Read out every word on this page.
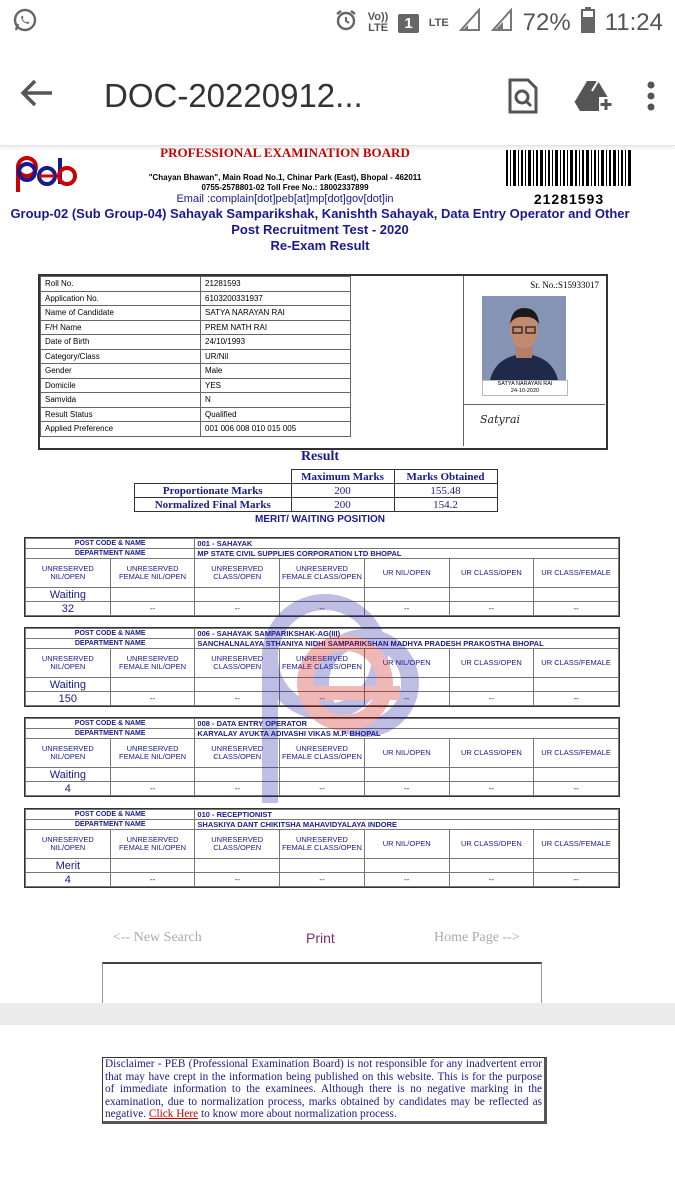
Vo))
LTE	1	LTE	72% 11:24
DOC-20220912...
PROFESSIONAL EXAMINATION BOARD
"Chayan Bhawan", Main Road No.1, Chinar Park (East), Bhopal - 462011
0755-2578801-02 Toll Free No.: 18002337899
Email :complain[dot]peb[at]mp[dot]gov[dot]in	21281593
Group-02 (Sub Group-04) Sahayak Samparikshak, Kanishth Sahayak, Data Entry Operator and Other
Post Recruitment Test - 2020
Re-Exam Result
Roll No.	21281593
Application No.	6103200331937
Name of Candidate	SATYA NARAYAN RAI
F/H Name	PREM NATH RAI
Date of Birth	24/10/1993
Category/Class	UR/Nil
Gender	Male
Domicile	YES
Samvida	N
Result Status	Qualified
Applied Preference	001 006 008 010 015 005
Sr. No.:S15933017
SATYA NARAYAN RAI
24-10-2020
Satyrai
Result
	Maximum Marks	Marks Obtained
Proportionate Marks	200	155.48
Normalized Final Marks	200	154.2
MERIT/ WAITING POSITION
POST CODE & NAME		001 - SAHAYAK				
DEPARTMENT NAME		MP STATE CIVIL SUPPLIES CORPORATION LTD BHOPAL				
UNRESERVED NIL/OPEN	UNRESERVED FEMALE NIL/OPEN	UNRESERVED CLASS/OPEN	UNRESERVED FEMALE CLASS/OPEN	UR NIL/OPEN	UR CLASS/OPEN	UR CLASS/FEMALE
Waiting						
32	--	--	--	--	--	--
POST CODE & NAME		006 - SAHAYAK SAMPARIKSHAK-AG(III)				
DEPARTMENT NAME		SANCHALNALAYA STHANIYA NIDHI SAMPARIKSHAN MADHYA PRADESH PRAKOSTHA BHOPAL				
UNRESERVED NIL/OPEN	UNRESERVED FEMALE NIL/OPEN	UNRESERVED CLASS/OPEN	UNRESERVED FEMALE CLASS/OPEN	UR NIL/OPEN	UR CLASS/OPEN	UR CLASS/FEMALE
Waiting						
150	--	--	--	--	--	--
POST CODE & NAME		008 - DATA ENTRY OPERATOR				
DEPARTMENT NAME		KARYALAY AYUKTA ADIVASHI VIKAS M.P. BHOPAL				
UNRESERVED NIL/OPEN	UNRESERVED FEMALE NIL/OPEN	UNRESERVED CLASS/OPEN	UNRESERVED FEMALE CLASS/OPEN	UR NIL/OPEN	UR CLASS/OPEN	UR CLASS/FEMALE
Waiting						
4	--	--	--	--	--	--
POST CODE & NAME		010 - RECEPTIONIST				
DEPARTMENT NAME		SHASKIYA DANT CHIKITSHA MAHAVIDYALAYA INDORE				
UNRESERVED NIL/OPEN	UNRESERVED FEMALE NIL/OPEN	UNRESERVED CLASS/OPEN	UNRESERVED FEMALE CLASS/OPEN	UR NIL/OPEN	UR CLASS/OPEN	UR CLASS/FEMALE
Merit						
4	--	--	--	--	--	--
<-- New Search	Print	Home Page -->
Disclaimer - PEB (Professional Examination Board) is not responsible for any inadvertent error that may have crept in the information being published on this website. This is for the purpose of immediate information to the examinees. Although there is no negative marking in the examination, due to normalization process, marks obtained by candidates may be reflected as negative. Click Here to know more about normalization process.
